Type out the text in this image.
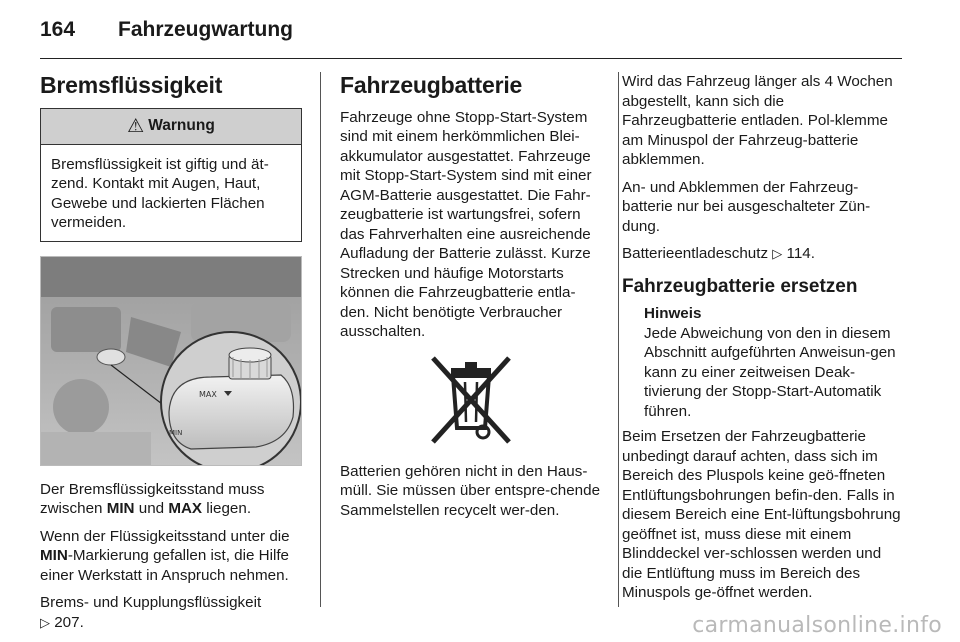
164	Fahrzeugwartung
Bremsflüssigkeit
⚠ Warnung
Bremsflüssigkeit ist giftig und ät-zend. Kontakt mit Augen, Haut, Gewebe und lackierten Flächen vermeiden.
MAX
MIN

Der Bremsflüssigkeitsstand muss zwischen MIN und MAX liegen.

Wenn der Flüssigkeitsstand unter die MIN-Markierung gefallen ist, die Hilfe einer Werkstatt in Anspruch nehmen.

Brems- und Kupplungsflüssigkeit
▷ 207.

Fahrzeugbatterie

Fahrzeuge ohne Stopp-Start-System sind mit einem herkömmlichen Blei-akkumulator ausgestattet. Fahrzeuge mit Stopp-Start-System sind mit einer AGM-Batterie ausgestattet. Die Fahr-zeugbatterie ist wartungsfrei, sofern das Fahrverhalten eine ausreichende Aufladung der Batterie zulässt. Kurze Strecken und häufige Motorstarts können die Fahrzeugbatterie entla-den. Nicht benötigte Verbraucher ausschalten.

Batterien gehören nicht in den Haus-müll. Sie müssen über entspre-chende Sammelstellen recycelt wer-den.

Wird das Fahrzeug länger als 4 Wochen abgestellt, kann sich die Fahrzeugbatterie entladen. Pol-klemme am Minuspol der Fahrzeug-batterie abklemmen.

An- und Abklemmen der Fahrzeug-batterie nur bei ausgeschalteter Zün-dung.

Batterieentladeschutz ▷ 114.

Fahrzeugbatterie ersetzen
Hinweis

Jede Abweichung von den in diesem Abschnitt aufgeführten Anweisun-gen kann zu einer zeitweisen Deak-tivierung der Stopp-Start-Automatik führen.

Beim Ersetzen der Fahrzeugbatterie unbedingt darauf achten, dass sich im Bereich des Pluspols keine geö-ffneten Entlüftungsbohrungen befin-den. Falls in diesem Bereich eine Ent-lüftungsbohrung geöffnet ist, muss diese mit einem Blinddeckel ver-schlossen werden und die Entlüftung muss im Bereich des Minuspols ge-öffnet werden.

carmanualsonline.info
